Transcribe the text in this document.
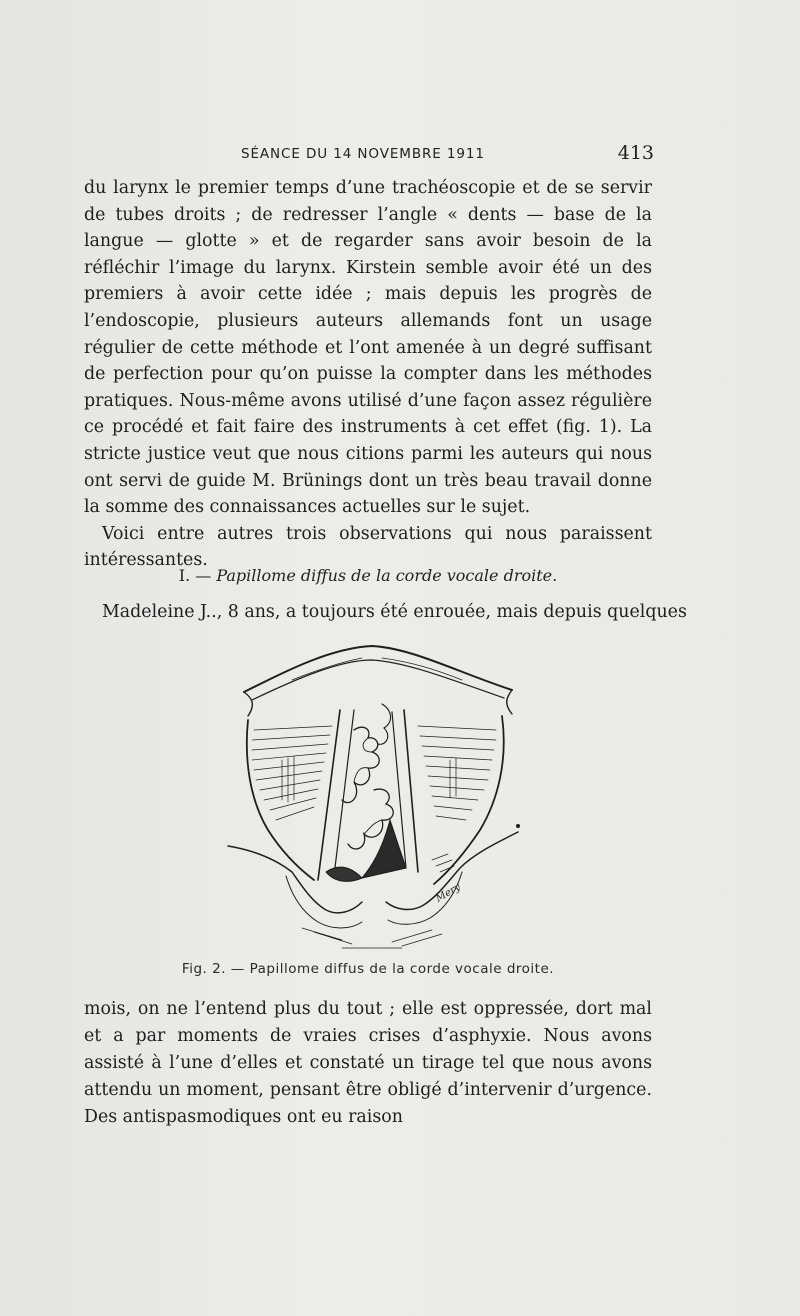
SÉANCE DU 14 NOVEMBRE 1911	413

du larynx le premier temps d’une trachéoscopie et de se servir de tubes droits ; de redresser l’angle « dents — base de la langue — glotte » et de regarder sans avoir besoin de la réfléchir l’image du larynx. Kirstein semble avoir été un des premiers à avoir cette idée ; mais depuis les progrès de l’endoscopie, plusieurs auteurs allemands font un usage régulier de cette méthode et l’ont amenée à un degré suffisant de perfection pour qu’on puisse la compter dans les méthodes pratiques. Nous-même avons utilisé d’une façon assez régulière ce procédé et fait faire des instruments à cet effet (fig. 1). La stricte justice veut que nous citions parmi les auteurs qui nous ont servi de guide M. Brünings dont un très beau travail donne la somme des connaissances actuelles sur le sujet.

Voici entre autres trois observations qui nous paraissent intéressantes.

I. — Papillome diffus de la corde vocale droite.
Madeleine J.., 8 ans, a toujours été enrouée, mais depuis quelques
Mery
Fig. 2. — Papillome diffus de la corde vocale droite.

mois, on ne l’entend plus du tout ; elle est oppressée, dort mal et a par moments de vraies crises d’asphyxie. Nous avons assisté à l’une d’elles et constaté un tirage tel que nous avons attendu un moment, pensant être obligé d’intervenir d’urgence. Des antispasmodiques ont eu raison
